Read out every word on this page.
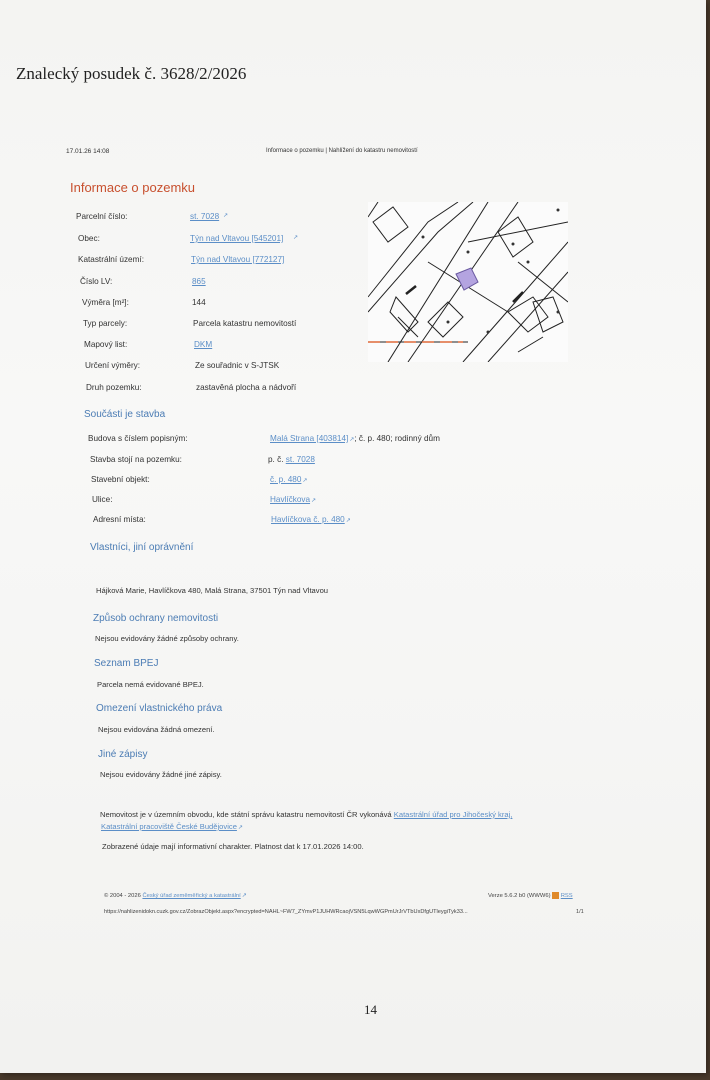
Znalecký posudek č. 3628/2/2026
17.01.26 14:08	Informace o pozemku | Nahlížení do katastru nemovitostí
Informace o pozemku
Parcelní číslo:	st. 7028 ↗
Obec:	Týn nad Vltavou [545201] ↗
Katastrální území:	Týn nad Vltavou [772127]
Číslo LV:	865
Výměra [m²]:	144
Typ parcely:	Parcela katastru nemovitostí
Mapový list:	DKM
Určení výměry:	Ze souřadnic v S-JTSK
Druh pozemku:	zastavěná plocha a nádvoří
Součásti je stavba
Budova s číslem popisným:	Malá Strana [403814]↗; č. p. 480; rodinný dům
Stavba stojí na pozemku:	p. č. st. 7028
Stavební objekt:	č. p. 480↗
Ulice:	Havlíčkova↗
Adresní místa:	Havlíčkova č. p. 480↗
Vlastníci, jiní oprávnění
Hájková Marie, Havlíčkova 480, Malá Strana, 37501 Týn nad Vltavou
Způsob ochrany nemovitosti
Nejsou evidovány žádné způsoby ochrany.
Seznam BPEJ
Parcela nemá evidované BPEJ.
Omezení vlastnického práva
Nejsou evidována žádná omezení.
Jiné zápisy
Nejsou evidovány žádné jiné zápisy.
Nemovitost je v územním obvodu, kde státní správu katastru nemovitostí ČR vykonává Katastrální úřad pro Jihočeský kraj,
Katastrální pracoviště České Budějovice↗
Zobrazené údaje mají informativní charakter. Platnost dat k 17.01.2026 14:00.
© 2004 - 2026 Český úřad zeměměřický a katastrální↗	Verze 5.6.2 b0 (WWW6) RSS
https://nahlizenidokn.cuzk.gov.cz/ZobrazObjekt.aspx?encrypted=NAHL~FW7_ZYmvP1JUHWRcaojVSN5LqwWGPmUrJrVTbUxDfgUTleygiTyk33...	1/1
14
